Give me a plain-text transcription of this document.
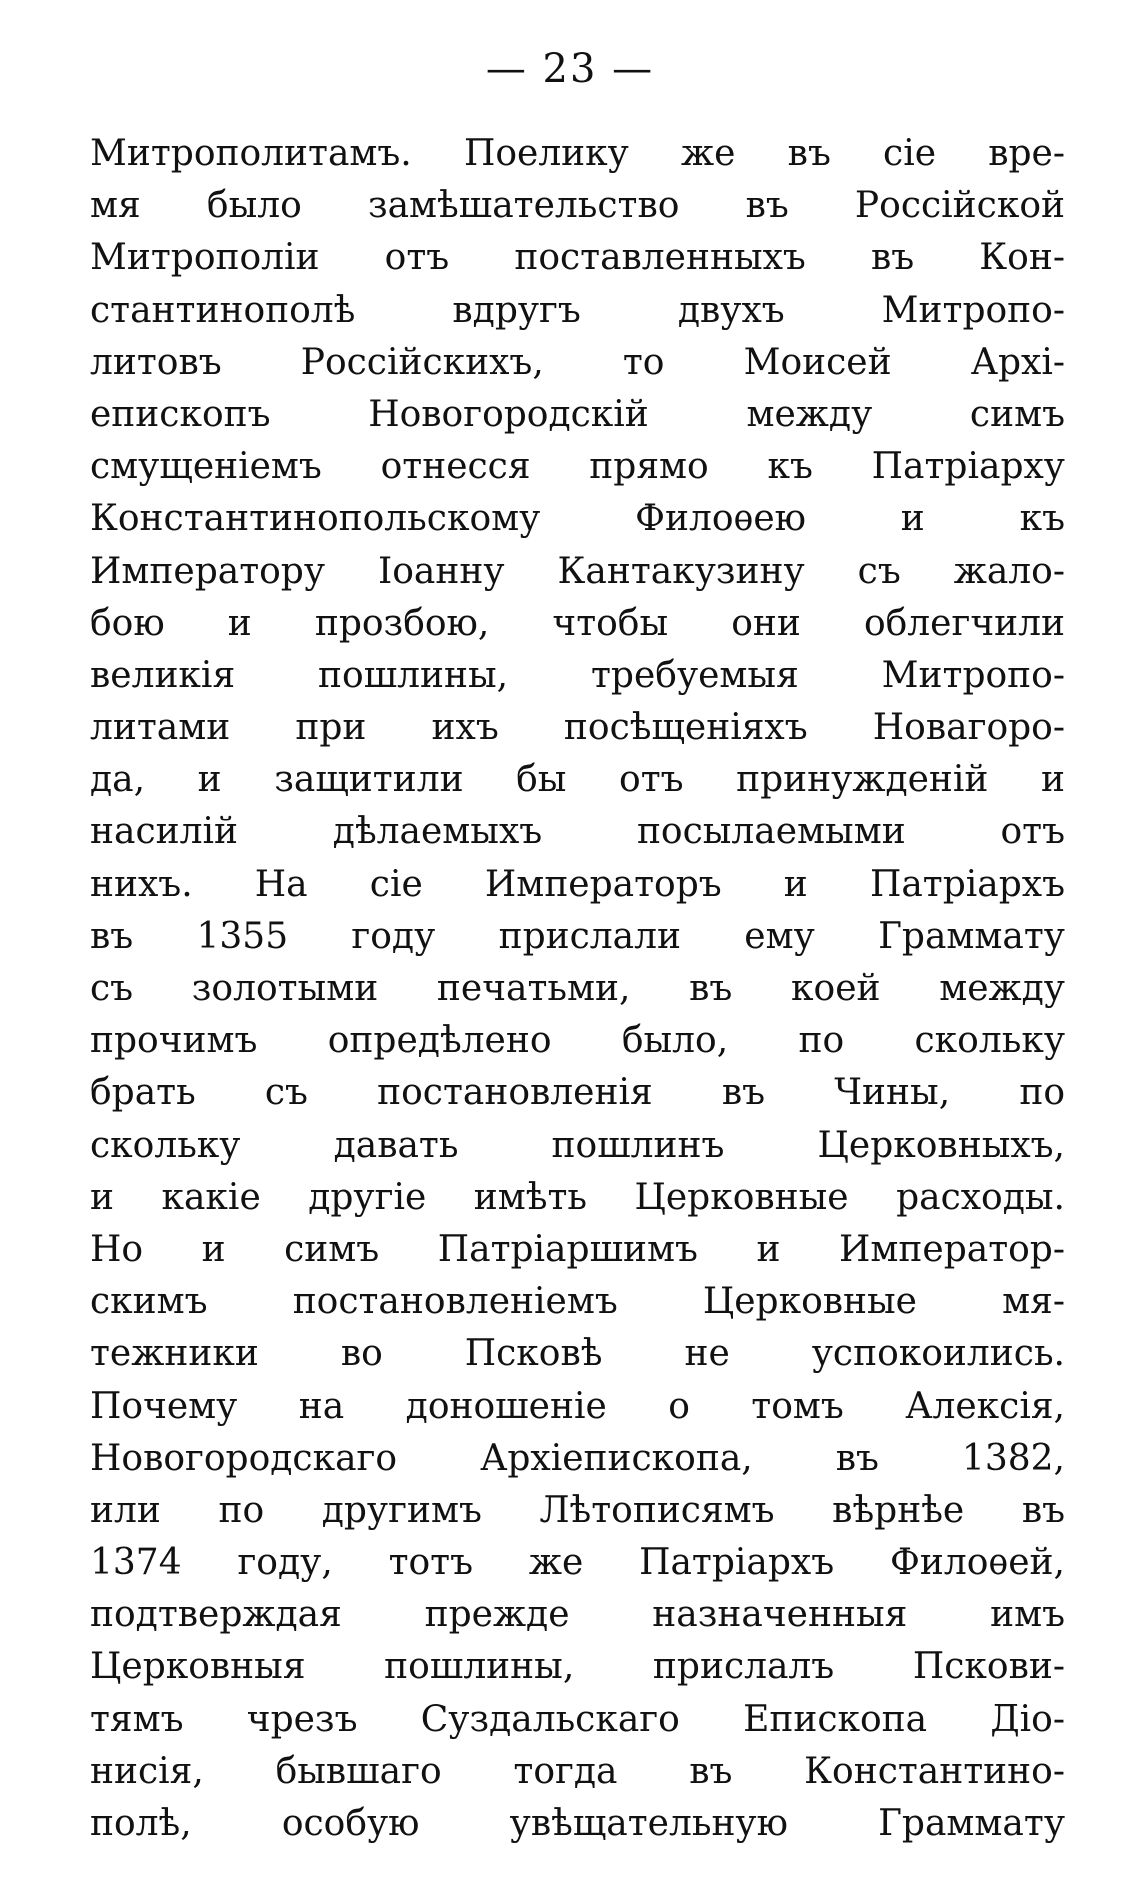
— 23 —
Митрополитамъ. Поелику же въ сіе вре-
мя было замѣшательство въ Россійской
Митрополіи отъ поставленныхъ въ Кон-
стантинополѣ вдругъ двухъ Митропо-
литовъ Россійскихъ, то Моисей Архі-
епископъ Новогородскій между симъ
смущеніемъ отнесся прямо къ Патріарху
Константинопольскому Филоѳею и къ
Императору Іоанну Кантакузину съ жало-
бою и прозбою, чтобы они облегчили
великія пошлины, требуемыя Митропо-
литами при ихъ посѣщеніяхъ Новагоро-
да, и защитили бы отъ принужденій и
насилій дѣлаемыхъ посылаемыми отъ
нихъ. На сіе Императоръ и Патріархъ
въ 1355 году прислали ему Граммату
съ золотыми печатьми, въ коей между
прочимъ опредѣлено было, по скольку
брать съ постановленія въ Чины, по
скольку давать пошлинъ Церковныхъ,
и какіе другіе имѣть Церковные расходы.
Но и симъ Патріаршимъ и Император-
скимъ постановленіемъ Церковные мя-
тежники во Псковѣ не успокоились.
Почему на доношеніе о томъ Алексія,
Новогородскаго Архіепископа, въ 1382,
или по другимъ Лѣтописямъ вѣрнѣе въ
1374 году, тотъ же Патріархъ Филоѳей,
подтверждая прежде назначенныя имъ
Церковныя пошлины, прислалъ Пскови-
тямъ чрезъ Суздальскаго Епископа Діо-
нисія, бывшаго тогда въ Константино-
полѣ, особую увѣщательную Граммату
